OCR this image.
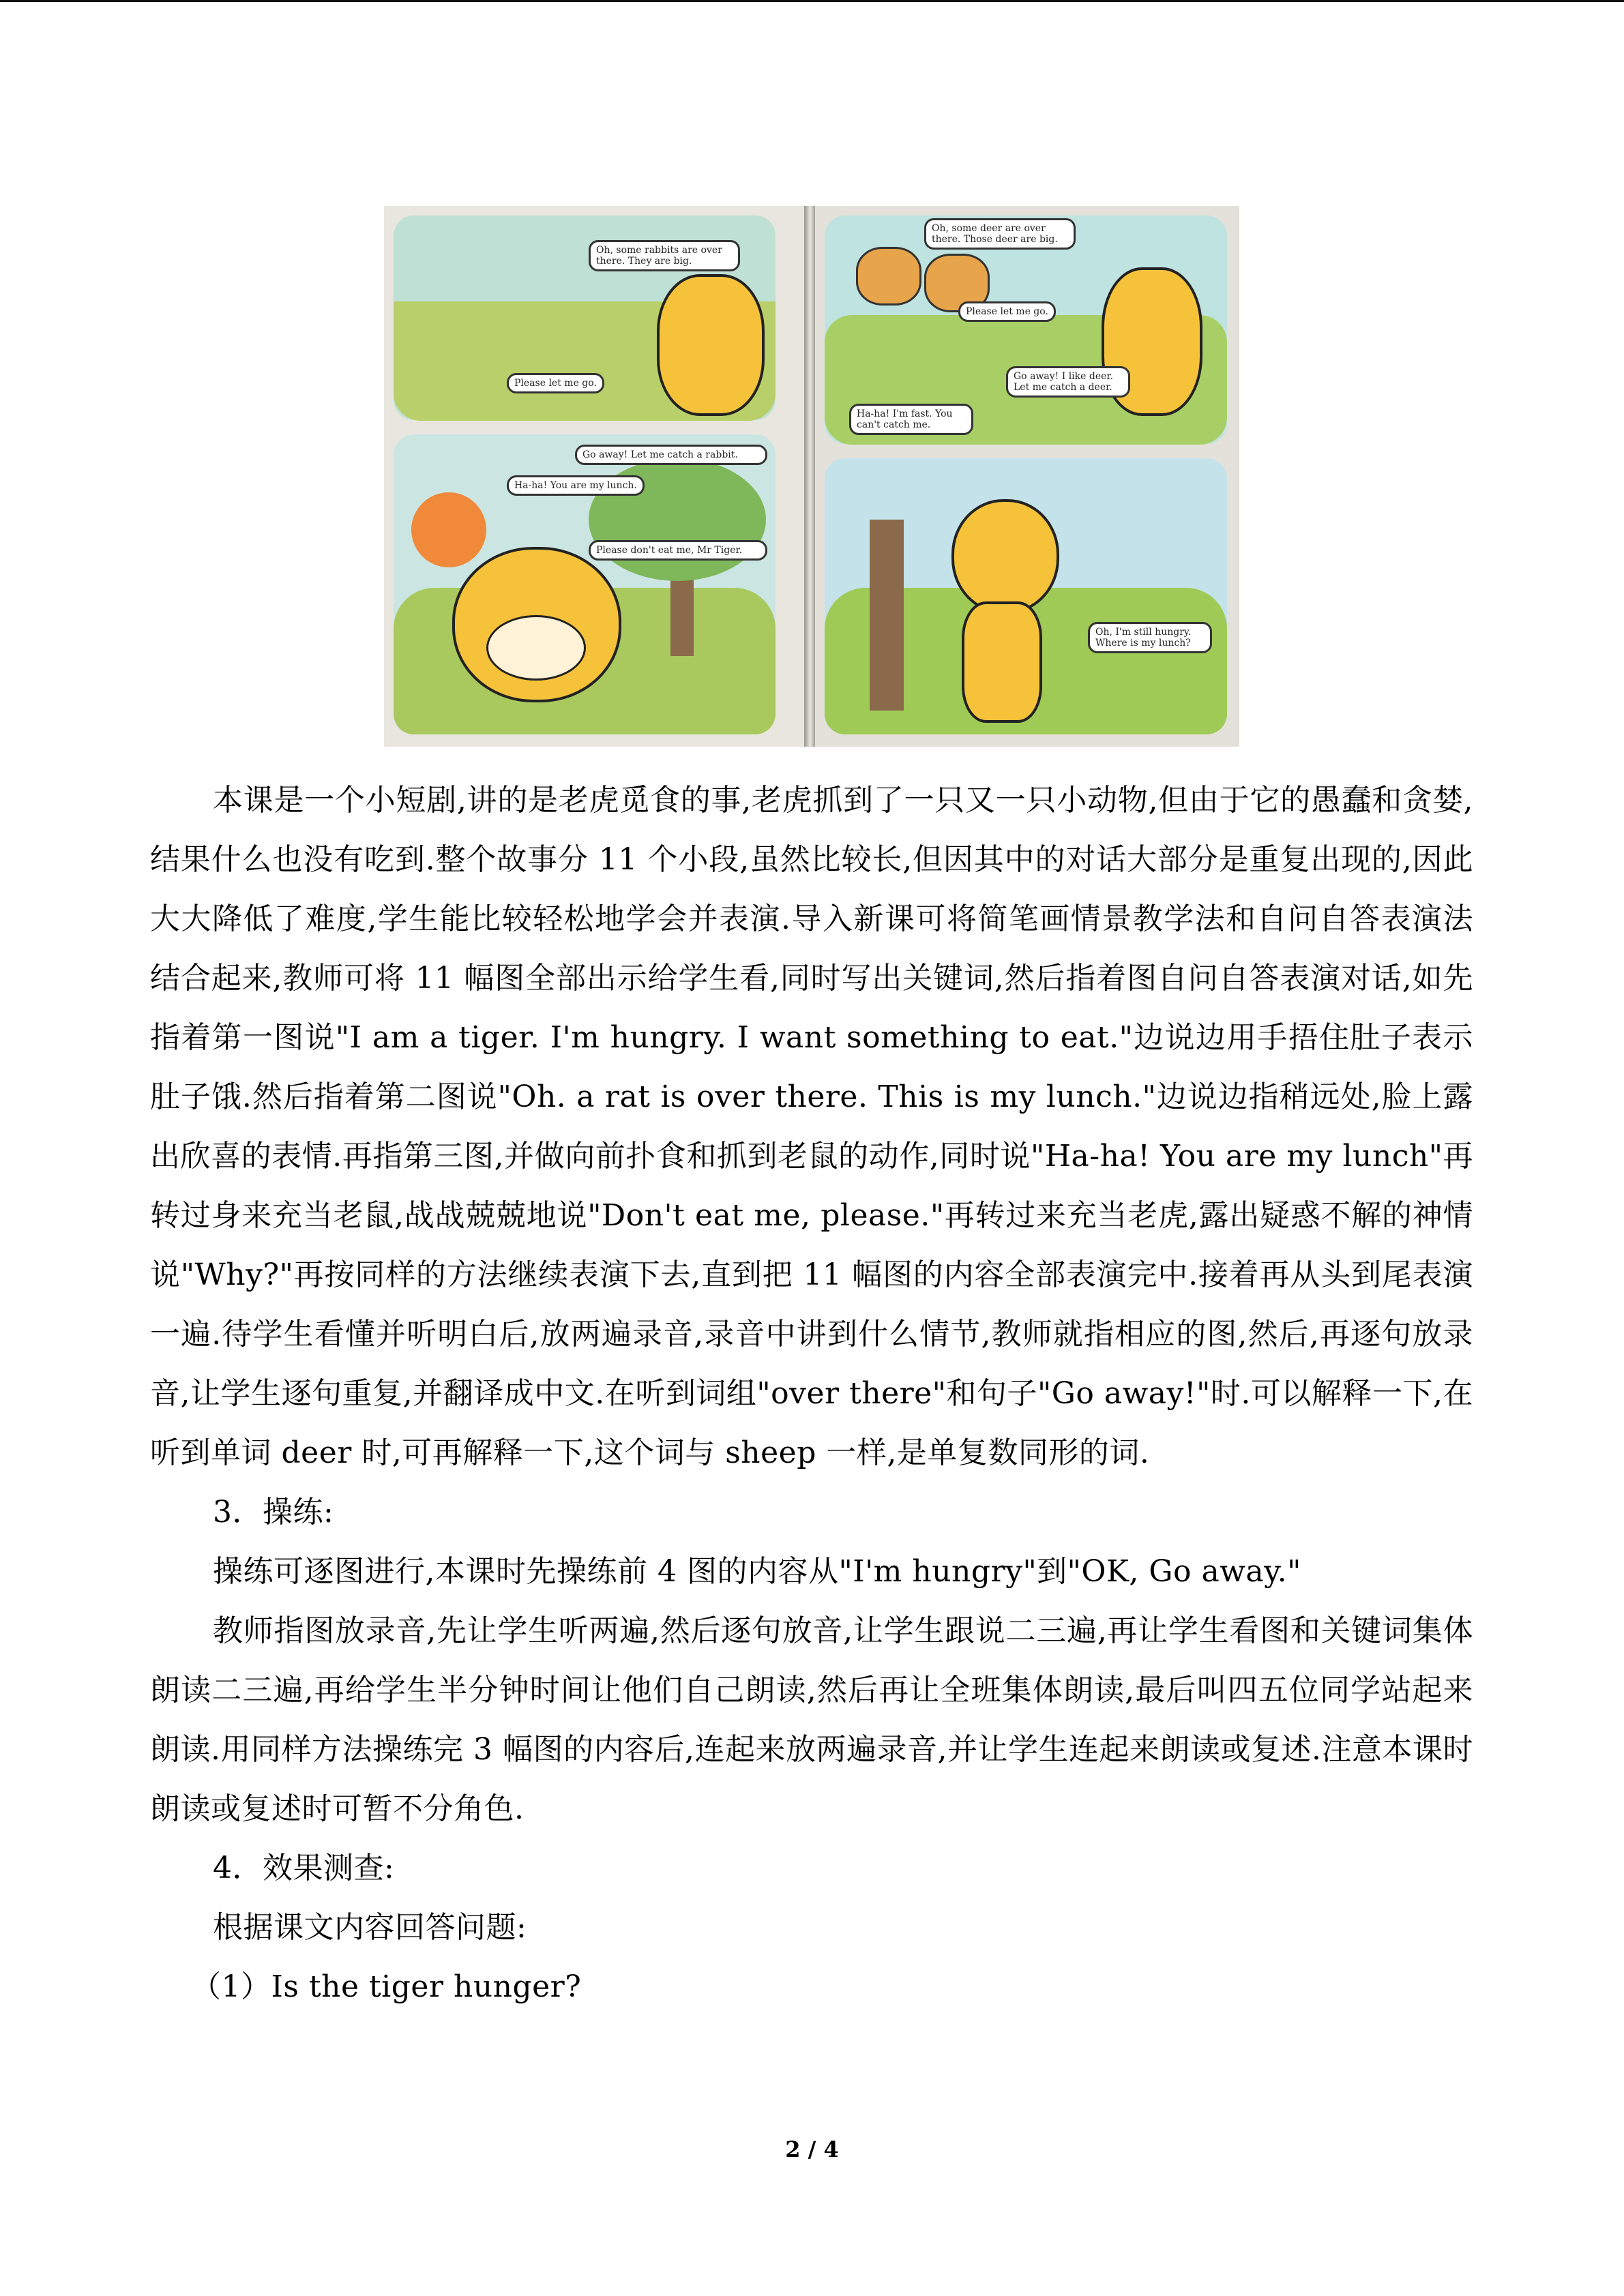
Oh, some rabbits are over there. They are big.
Please let me go.
Go away! Let me catch a rabbit.
Ha-ha! You are my lunch.
Please don't eat me, Mr Tiger.
Oh, some deer are over there. Those deer are big.
Please let me go.
Go away! I like deer. Let me catch a deer.
Ha-ha! I'm fast. You can't catch me.
Oh, I'm still hungry. Where is my lunch?

本课是一个小短剧,讲的是老虎觅食的事,老虎抓到了一只又一只小动物,但由于它的愚蠢和贪婪,结果什么也没有吃到.整个故事分 11 个小段,虽然比较长,但因其中的对话大部分是重复出现的,因此大大降低了难度,学生能比较轻松地学会并表演.导入新课可将简笔画情景教学法和自问自答表演法结合起来,教师可将 11 幅图全部出示给学生看,同时写出关键词,然后指着图自问自答表演对话,如先指着第一图说"I am a tiger. I'm hungry. I want something to eat."边说边用手捂住肚子表示肚子饿.然后指着第二图说"Oh. a rat is over there. This is my lunch."边说边指稍远处,脸上露出欣喜的表情.再指第三图,并做向前扑食和抓到老鼠的动作,同时说"Ha-ha! You are my lunch"再转过身来充当老鼠,战战兢兢地说"Don't eat me, please."再转过来充当老虎,露出疑惑不解的神情说"Why?"再按同样的方法继续表演下去,直到把 11 幅图的内容全部表演完中.接着再从头到尾表演一遍.待学生看懂并听明白后,放两遍录音,录音中讲到什么情节,教师就指相应的图,然后,再逐句放录音,让学生逐句重复,并翻译成中文.在听到词组"over there"和句子"Go away!"时.可以解释一下,在听到单词 deer 时,可再解释一下,这个词与 sheep 一样,是单复数同形的词.

3．操练:

操练可逐图进行,本课时先操练前 4 图的内容从"I'm hungry"到"OK, Go away."

教师指图放录音,先让学生听两遍,然后逐句放音,让学生跟说二三遍,再让学生看图和关键词集体朗读二三遍,再给学生半分钟时间让他们自己朗读,然后再让全班集体朗读,最后叫四五位同学站起来朗读.用同样方法操练完 3 幅图的内容后,连起来放两遍录音,并让学生连起来朗读或复述.注意本课时朗读或复述时可暂不分角色.

4．效果测查:

根据课文内容回答问题:

（1）Is the tiger hunger?

2 / 4
